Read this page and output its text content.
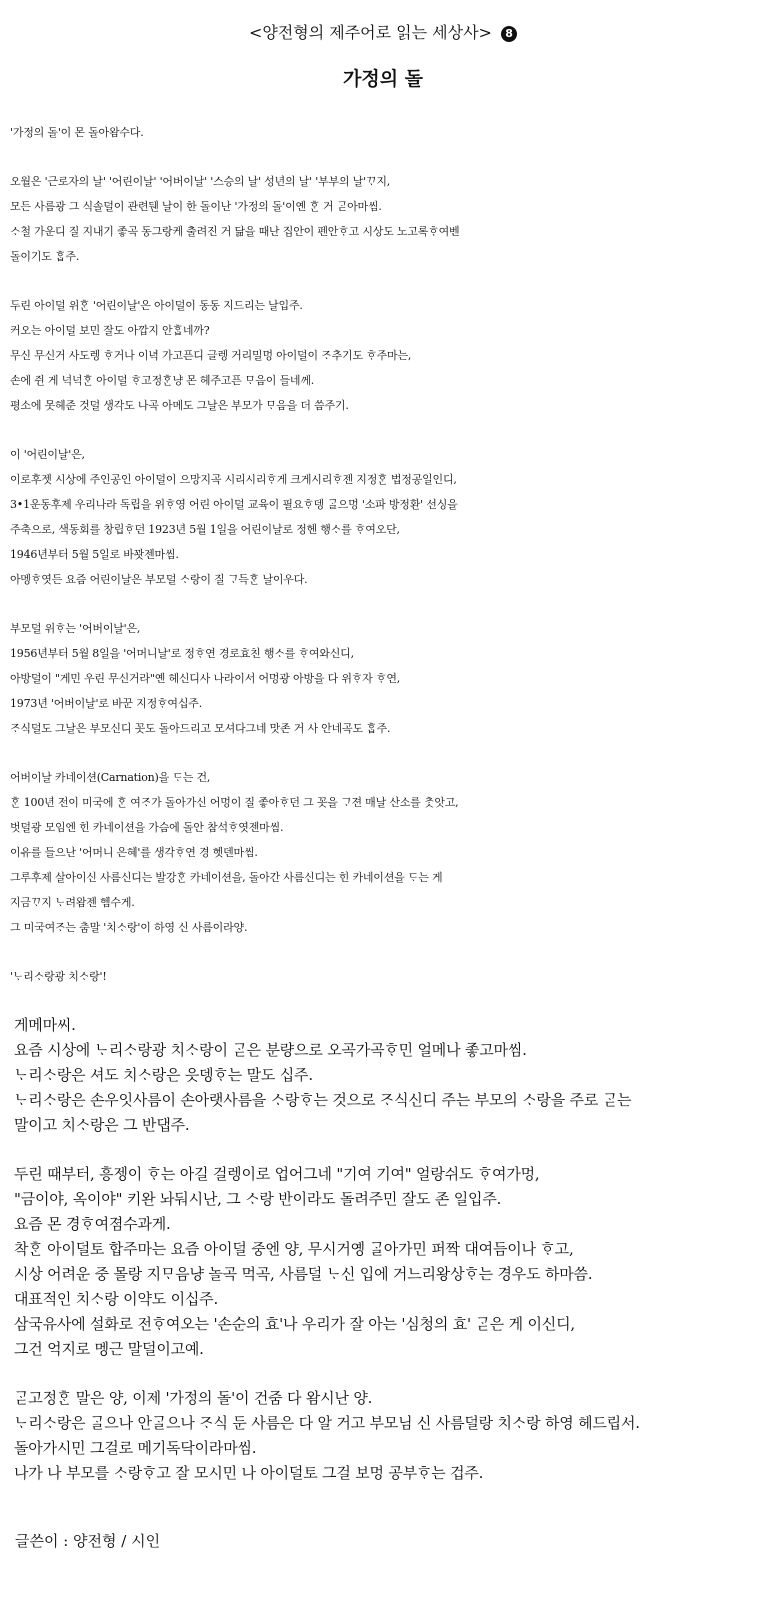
<양전형의 제주어로 읽는 세상사> 8
가정의 돌
'가정의 돌'이 몬 돌아왐수다.
오월은 '근로자의 날' '어린이날' '어버이날' '스승의 날' 성년의 날' '부부의 날'ᄁᆞ지,
모든 사름광 그 식솔덜이 관련뒌 날이 한 돌이난 '가정의 돌'이옌 ᄒᆞᆫ 거 ᄀᆞᆮ아마씸.
ᄉᆞ철 가운디 질 지내기 좋곡 동그랑케 출려진 거 닮을 때난 집안이 펜안ᄒᆞ고 시상도 노고록ᄒᆞ여벤
돌이기도 ᄒᆞᆸ주.
두린 아이덜 위ᄒᆞᆫ '어린이날'은 아이덜이 동동 지드리는 날입주.
커오는 아이덜 보민 잘도 아깝지 안ᄒᆞᆸ네까?
무신 무신거 사도렝 ᄒᆞ거나 이녁 가고픈디 글렝 거리밀멍 아이덜이 ᄌᆞ추기도 ᄒᆞ주마는,
손에 쥔 게 넉넉ᄒᆞᆫ 아이덜 ᄒᆞ고정ᄒᆞᆫ냥 몬 헤주고픈 ᄆᆞ음이 들네께.
평소에 못헤준 것덜 생각도 나곡 아메도 그날은 부모가 ᄆᆞ음을 더 씀주기.
이 '어린이날'은,
이로후젯 시상에 주인공인 아이덜이 으망지곡 시리시리ᄒᆞ게 크게시리ᄒᆞ젠 지정ᄒᆞᆫ 법정공일인디,
3•1운동후제 우리나라 독립을 위ᄒᆞ영 어린 아이덜 교육이 필요ᄒᆞ뎅 ᄀᆞᆯ으멍 '소파 방정환' 선싱을
주축으로, 색동회를 창립ᄒᆞ던 1923년 5월 1일을 어린이날로 정헨 행ᄉᆞ를 ᄒᆞ여오단,
1946년부터 5월 5일로 바꽛젠마씸.
아멩ᄒᆞ엿든 요즘 어린이날은 부모덜 ᄉᆞ랑이 질 ᄀᆞ득ᄒᆞᆫ 날이우다.
부모덜 위ᄒᆞ는 '어버이날'은,
1956년부터 5월 8일을 '어머니날'로 정ᄒᆞ연 경로효친 행ᄉᆞ를 ᄒᆞ여와신디,
아방덜이 "게민 우린 무신거라"옌 헤신디사 나라이서 어멍광 아방을 다 위ᄒᆞ자 ᄒᆞ연,
1973년 '어버이날'로 바꾼 지정ᄒᆞ여십주.
ᄌᆞ식덜도 그날은 부모신디 꼿도 돌아드리고 모셔다그네 맛존 거 사 안네곡도 ᄒᆞᆸ주.
어버이날 카네이션(Carnation)을 ᄃᆞ는 건,
ᄒᆞᆫ 100년 전이 미국에 ᄒᆞᆫ 여ᄌᆞ가 돌아가신 어멍이 질 좋아ᄒᆞ던 그 꼿을 ᄀᆞ젼 매날 산소를 ᄎᆞᆺ앗고,
벗덜광 모임엔 힌 카네이션을 가슴에 돌안 참석ᄒᆞ엿젠마씸.
이유를 들으난 '어머니 은혜'를 생각ᄒᆞ연 경 헷덴마씸.
그루후제 살아이신 사름신디는 발강ᄒᆞᆫ 카네이션을, 돌아간 사름신디는 힌 카네이션을 ᄃᆞ는 게
지금ᄁᆞ지 ᄂᆞ려왐젠 헴수게.
그 미국여ᄌᆞ는 춤말 '치ᄉᆞ랑'이 하영 신 사름이라양.
'ᄂᆞ리ᄉᆞ랑광 치ᄉᆞ랑'!
게메마씨.
요즘 시상에 ᄂᆞ리ᄉᆞ랑광 치ᄉᆞ랑이 ᄀᆞᆮ은 분량으로 오곡가곡ᄒᆞ민 얼메나 좋고마씸.
ᄂᆞ리ᄉᆞ랑은 셔도 치ᄉᆞ랑은 읏뎅ᄒᆞ는 말도 십주.
ᄂᆞ리ᄉᆞ랑은 손우잇사름이 손아랫사름을 ᄉᆞ랑ᄒᆞ는 것으로 ᄌᆞ식신디 주는 부모의 ᄉᆞ랑을 주로 ᄀᆞᆮ는
말이고 치ᄉᆞ랑은 그 반댑주.
두린 때부터, 흥젱이 ᄒᆞ는 아길 걸렝이로 업어그네 "기여 기여" 얼랑쉬도 ᄒᆞ여가멍,
"금이야, 옥이야" 키완 놔둬시난, 그 ᄉᆞ랑 반이라도 돌려주민 잘도 존 일입주.
요즘 몬 경ᄒᆞ여졈수과게.
착ᄒᆞᆫ 아이덜토 합주마는 요즘 아이덜 중엔 양, 무시거옝 ᄀᆞᆯ아가민 퍼짝 대여듬이나 ᄒᆞ고,
시상 어려운 중 몰랑 지ᄆᆞ음냥 놀곡 먹곡, 사름덜 ᄂᆞ신 입에 거느리왕상ᄒᆞ는 경우도 하마씀.
대표적인 치ᄉᆞ랑 이약도 이십주.
삼국유사에 설화로 전ᄒᆞ여오는 '손순의 효'나 우리가 잘 아는 '심청의 효' ᄀᆞᆮ은 게 이신디,
그건 억지로 멩근 말덜이고예.
ᄀᆞᆮ고정ᄒᆞᆫ 말은 양, 이제 '가정의 돌'이 건줌 다 왐시난 양.
ᄂᆞ리ᄉᆞ랑은 ᄀᆞᆯ으나 안ᄀᆞᆯ으나 ᄌᆞ식 둔 사름은 다 알 거고 부모님 신 사름덜랑 치ᄉᆞ랑 하영 헤드립서.
돌아가시민 그걸로 메기독닥이라마씸.
나가 나 부모를 ᄉᆞ랑ᄒᆞ고 잘 모시민 나 아이덜토 그걸 보멍 공부ᄒᆞ는 겁주.
글쓴이 : 양전형 / 시인
